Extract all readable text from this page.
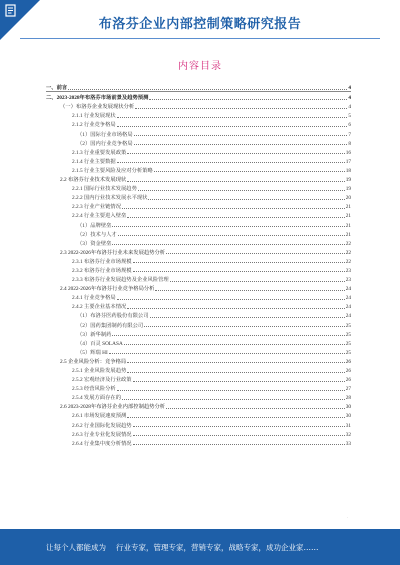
布洛芬企业内部控制策略研究报告
内容目录
一、前言	4
二、2023-2028年布洛芬市场前景及趋势预测	4
（一）布洛芬企业发展现状分析	4
2.1.1 行业发展现状	5
2.1.2 行业竞争格局	6
（1）国际行业市场格局	7
（2）国内行业竞争格局	8
2.1.3 行业重要发展政策	16
2.1.4 行业主要数据	17
2.1.5 行业主要风险及应对分析策略	18
2.2 布洛芬行业技术发展现状	19
2.2.1 国际行业技术发展趋势	19
2.2.2 国内行业技术发展水平现状	20
2.2.3 行业产业链情况	21
2.2.4 行业主要进入壁垒	21
（1）品牌壁垒	21
（2）技术与人才	21
（3）资金壁垒	22
2.3 2022-2026年布洛芬行业未来发展趋势分析	22
2.3.1 布洛芬行业市场规模	22
2.3.2 布洛芬行业市场规模	23
2.3.3 布洛芬行业发展趋势及企业风险管理	23
2.4 2022-2026年布洛芬行业竞争格局分析	24
2.4.1 行业竞争格局	24
2.4.2 主要企业基本情况	24
（1）布洛芬医药股份有限公司	24
（2）国药集团制药有限公司	25
（3）新华制药	25
（4）百灵 SOLASA	25
（5）辉瑞 HI	25
2.5 企业风险分析：竞争格局	26
2.5.1 企业风险发展趋势	26
2.5.2 宏观经济及行业政策	26
2.5.3 经营风险分析	27
2.5.4 发展方面存在的	28
2.6 2023-2028年布洛芬企业内部控制趋势分析	30
2.6.1 市场发展速度预测	30
2.6.2 行业国际化发展趋势	31
2.6.3 行业专业化发展情况	32
2.6.4 行业集中度分析情况	33
·
让每个人都能成为 行业专家，管理专家，营销专家，战略专家，成功企业家……
